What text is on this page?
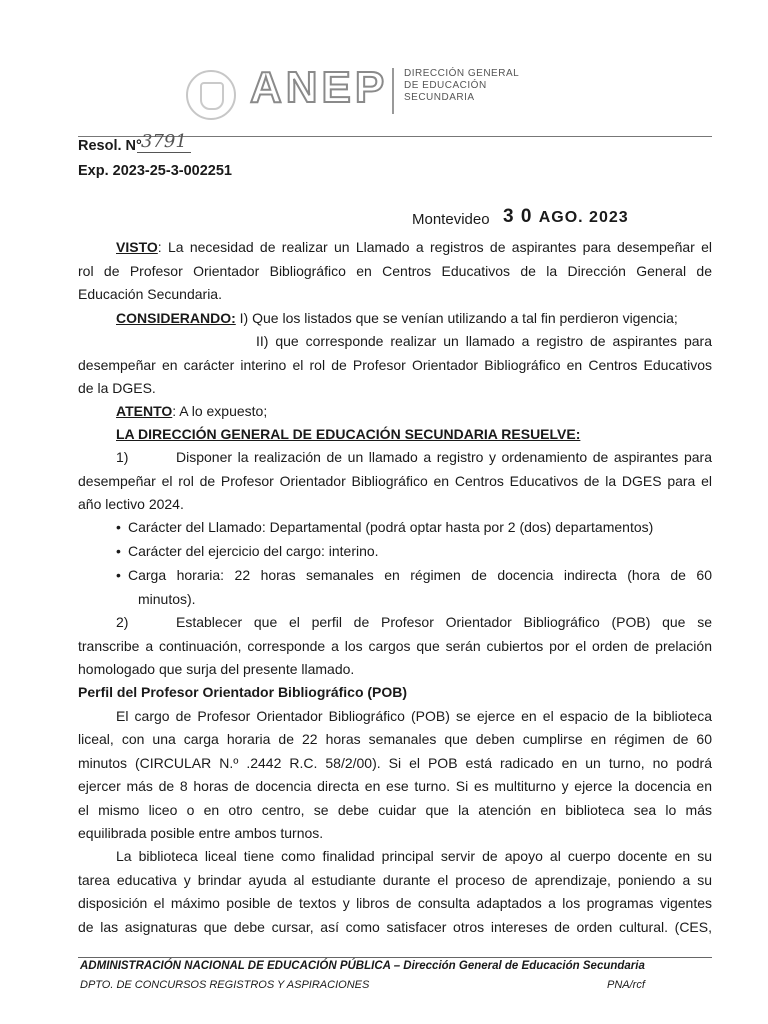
ANEP DIRECCIÓN GENERAL
DE EDUCACIÓN
SECUNDARIA
Resol. N° 3791
Exp. 2023-25-3-002251
Montevideo 3 0 AGO. 2023
VISTO: La necesidad de realizar un Llamado a registros de aspirantes para desempeñar el
rol de Profesor Orientador Bibliográfico en Centros Educativos de la Dirección General de
Educación Secundaria.
CONSIDERANDO: I) Que los listados que se venían utilizando a tal fin perdieron vigencia;
II) que corresponde realizar un llamado a registro de aspirantes para
desempeñar en carácter interino el rol de Profesor Orientador Bibliográfico en Centros Educativos
de la DGES.
ATENTO: A lo expuesto;
LA DIRECCIÓN GENERAL DE EDUCACIÓN SECUNDARIA RESUELVE:
1)	Disponer la realización de un llamado a registro y ordenamiento de aspirantes para
desempeñar el rol de Profesor Orientador Bibliográfico en Centros Educativos de la DGES para el
año lectivo 2024.
• Carácter del Llamado: Departamental (podrá optar hasta por 2 (dos) departamentos)
• Carácter del ejercicio del cargo: interino.
• Carga horaria: 22 horas semanales en régimen de docencia indirecta (hora de 60
minutos).
2)	Establecer que el perfil de Profesor Orientador Bibliográfico (POB) que se
transcribe a continuación, corresponde a los cargos que serán cubiertos por el orden de prelación
homologado que surja del presente llamado.
Perfil del Profesor Orientador Bibliográfico (POB)
El cargo de Profesor Orientador Bibliográfico (POB) se ejerce en el espacio de la biblioteca
liceal, con una carga horaria de 22 horas semanales que deben cumplirse en régimen de 60
minutos (CIRCULAR N.º .2442 R.C. 58/2/00). Si el POB está radicado en un turno, no podrá
ejercer más de 8 horas de docencia directa en ese turno. Si es multiturno y ejerce la docencia en
el mismo liceo o en otro centro, se debe cuidar que la atención en biblioteca sea lo más
equilibrada posible entre ambos turnos.
La biblioteca liceal tiene como finalidad principal servir de apoyo al cuerpo docente en su
tarea educativa y brindar ayuda al estudiante durante el proceso de aprendizaje, poniendo a su
disposición el máximo posible de textos y libros de consulta adaptados a los programas vigentes
de las asignaturas que debe cursar, así como satisfacer otros intereses de orden cultural. (CES,
ADMINISTRACIÓN NACIONAL DE EDUCACIÓN PÚBLICA – Dirección General de Educación Secundaria
DPTO. DE CONCURSOS REGISTROS Y ASPIRACIONES	PNA/rcf
